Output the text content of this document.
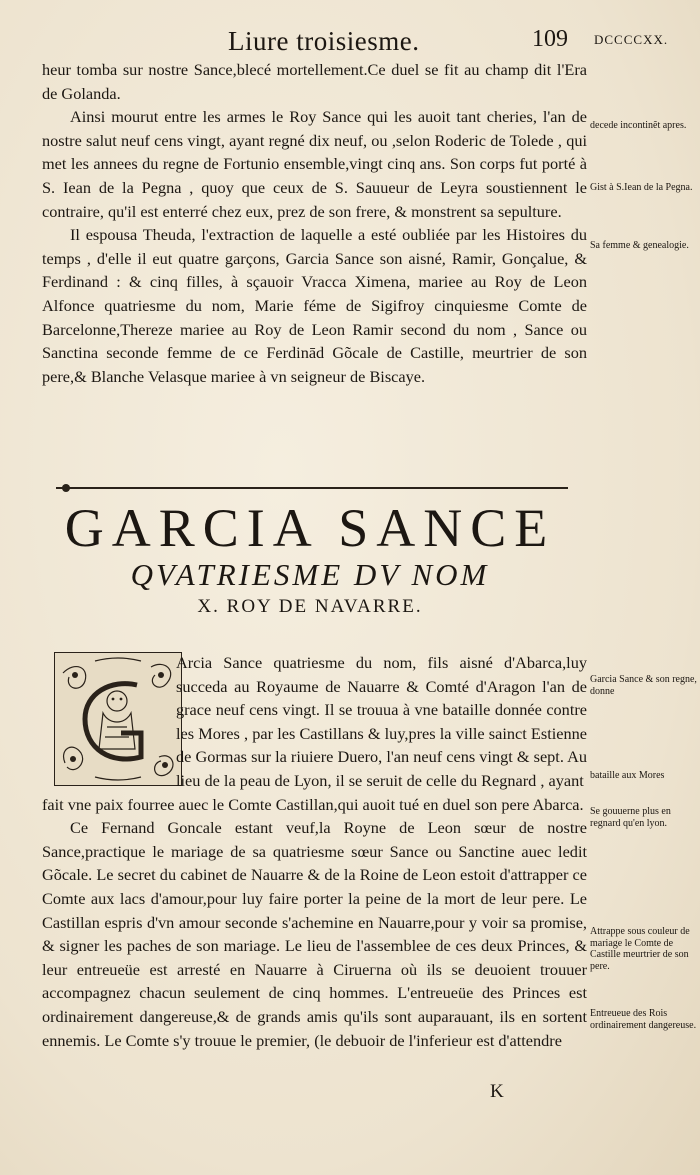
Liure troisiesme.	109 DCCCCXX.

heur tomba sur nostre Sance,blecé mortellement.Ce duel se fit au champ dit l'Era de Golanda.

Ainsi mourut entre les armes le Roy Sance qui les auoit tant cheries, l'an de nostre salut neuf cens vingt, ayant regné dix neuf, ou ,selon Roderic de Tolede , qui met les annees du regne de Fortunio ensemble,vingt cinq ans. Son corps fut porté à S. Iean de la Pegna , quoy que ceux de S. Sauueur de Leyra soustiennent le contraire, qu'il est enterré chez eux, prez de son frere, & monstrent sa sepulture.

Il espousa Theuda, l'extraction de laquelle a esté oubliée par les Histoires du temps , d'elle il eut quatre garçons, Garcia Sance son aisné, Ramir, Gonçalue, & Ferdinand : & cinq filles, à sçauoir Vracca Ximena, mariee au Roy de Leon Alfonce quatriesme du nom, Marie féme de Sigifroy cinquiesme Comte de Barcelonne,Thereze mariee au Roy de Leon Ramir second du nom , Sance ou Sanctina seconde femme de ce Ferdinād Gõcale de Castille, meurtrier de son pere,& Blanche Velasque mariee à vn seigneur de Biscaye.

decede incontinẽt apres.
Gist à S.Iean de la Pegna.
Sa femme & genealogie.
GARCIA SANCE
QVATRIESME DV NOM
X. ROY DE NAVARRE.

Arcia Sance quatriesme du nom, fils aisné d'Abarca,luy succeda au Royaume de Nauarre & Comté d'Aragon l'an de grace neuf cens vingt. Il se trouua à vne bataille donnée contre les Mores , par les Castillans & luy,pres la ville sainct Estienne de Gormas sur la riuiere Duero, l'an neuf cens vingt & sept. Au lieu de la peau de Lyon, il se seruit de celle du Regnard , ayant

fait vne paix fourree auec le Comte Castillan,qui auoit tué en duel son pere Abarca.

Ce Fernand Goncale estant veuf,la Royne de Leon sœur de nostre Sance,practique le mariage de sa quatriesme sœur Sance ou Sanctine auec ledit Gõcale. Le secret du cabinet de Nauarre & de la Roine de Leon estoit d'attrapper ce Comte aux lacs d'amour,pour luy faire porter la peine de la mort de leur pere. Le Castillan espris d'vn amour seconde s'achemine en Nauarre,pour y voir sa promise, & signer les paches de son mariage. Le lieu de l'assemblee de ces deux Princes, & leur entreueüe est arresté en Nauarre à Cirueгna où ils se deuoient trouuer accompagnez chacun seulement de cinq hommes. L'entreueüe des Princes est ordinairement dangereuse,& de grands amis qu'ils sont auparauant, ils en sortent ennemis. Le Comte s'y trouue le premier, (le debuoir de l'inferieur est d'attendre

Garcia Sance & son regne, donne
bataille aux Mores
Se gouuerne plus en regnard qu'en lyon.
Attrappe sous couleur de mariage le Comte de Castille meurtrier de son pere.
Entreueue des Rois ordinairement dangereuse.
K
